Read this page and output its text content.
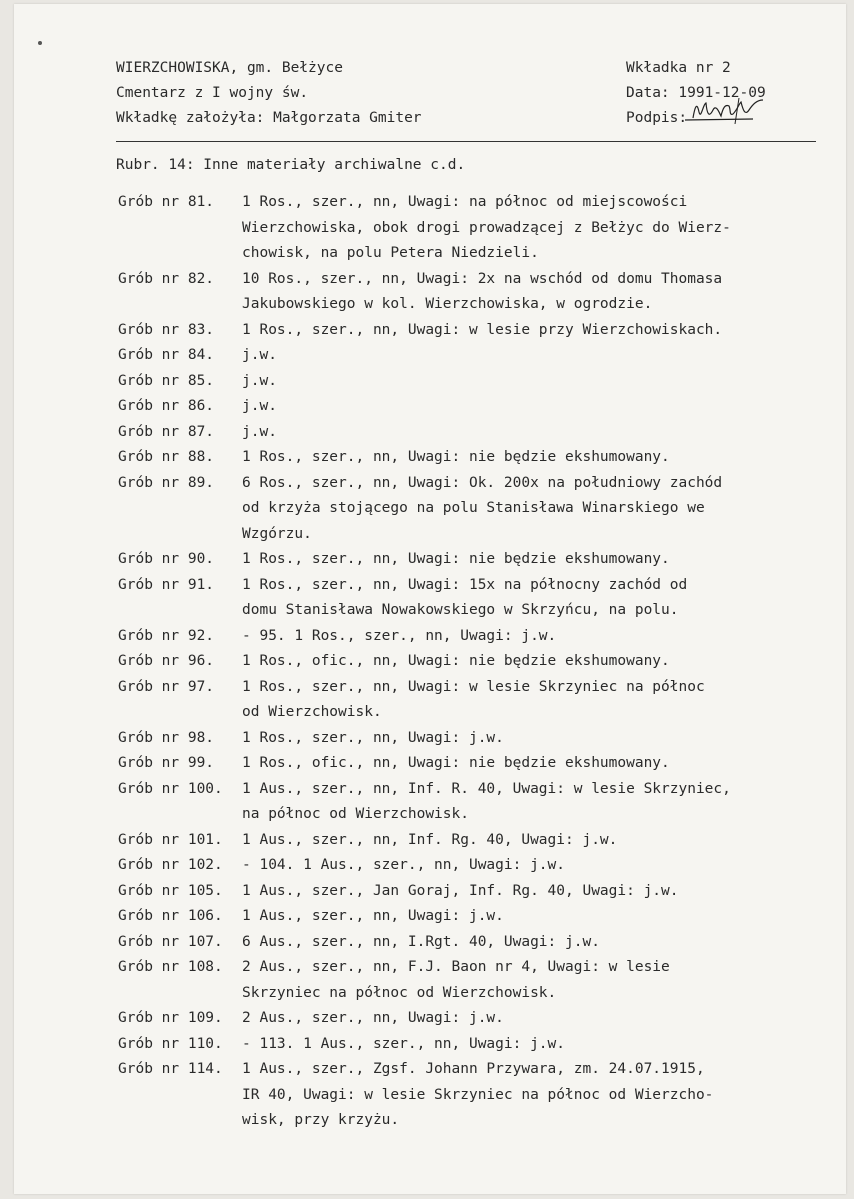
WIERZCHOWISKA, gm. Bełżyce
Cmentarz z I wojny św.
Wkładkę założyła: Małgorzata Gmiter
Wkładka nr 2
Data: 1991-12-09
Podpis:
Rubr. 14: Inne materiały archiwalne c.d.
Grób nr 81.	1 Ros., szer., nn, Uwagi: na północ od miejscowości
Wierzchowiska, obok drogi prowadzącej z Bełżyc do Wierz-
chowisk, na polu Petera Niedzieli.
Grób nr 82.	10 Ros., szer., nn, Uwagi: 2x na wschód od domu Thomasa
Jakubowskiego w kol. Wierzchowiska, w ogrodzie.
Grób nr 83.	1 Ros., szer., nn, Uwagi: w lesie przy Wierzchowiskach.
Grób nr 84.	j.w.
Grób nr 85.	j.w.
Grób nr 86.	j.w.
Grób nr 87.	j.w.
Grób nr 88.	1 Ros., szer., nn, Uwagi: nie będzie ekshumowany.
Grób nr 89.	6 Ros., szer., nn, Uwagi: Ok. 200x na południowy zachód
od krzyża stojącego na polu Stanisława Winarskiego we
Wzgórzu.
Grób nr 90.	1 Ros., szer., nn, Uwagi: nie będzie ekshumowany.
Grób nr 91.	1 Ros., szer., nn, Uwagi: 15x na północny zachód od
domu Stanisława Nowakowskiego w Skrzyńcu, na polu.
Grób nr 92.	- 95. 1 Ros., szer., nn, Uwagi: j.w.
Grób nr 96.	1 Ros., ofic., nn, Uwagi: nie będzie ekshumowany.
Grób nr 97.	1 Ros., szer., nn, Uwagi: w lesie Skrzyniec na północ
od Wierzchowisk.
Grób nr 98.	1 Ros., szer., nn, Uwagi: j.w.
Grób nr 99.	1 Ros., ofic., nn, Uwagi: nie będzie ekshumowany.
Grób nr 100.	1 Aus., szer., nn, Inf. R. 40, Uwagi: w lesie Skrzyniec,
na północ od Wierzchowisk.
Grób nr 101.	1 Aus., szer., nn, Inf. Rg. 40, Uwagi: j.w.
Grób nr 102.	- 104. 1 Aus., szer., nn, Uwagi: j.w.
Grób nr 105.	1 Aus., szer., Jan Goraj, Inf. Rg. 40, Uwagi: j.w.
Grób nr 106.	1 Aus., szer., nn, Uwagi: j.w.
Grób nr 107.	6 Aus., szer., nn, I.Rgt. 40, Uwagi: j.w.
Grób nr 108.	2 Aus., szer., nn, F.J. Baon nr 4, Uwagi: w lesie
Skrzyniec na północ od Wierzchowisk.
Grób nr 109.	2 Aus., szer., nn, Uwagi: j.w.
Grób nr 110.	- 113. 1 Aus., szer., nn, Uwagi: j.w.
Grób nr 114.	1 Aus., szer., Zgsf. Johann Przywara, zm. 24.07.1915,
IR 40, Uwagi: w lesie Skrzyniec na północ od Wierzcho-
wisk, przy krzyżu.
